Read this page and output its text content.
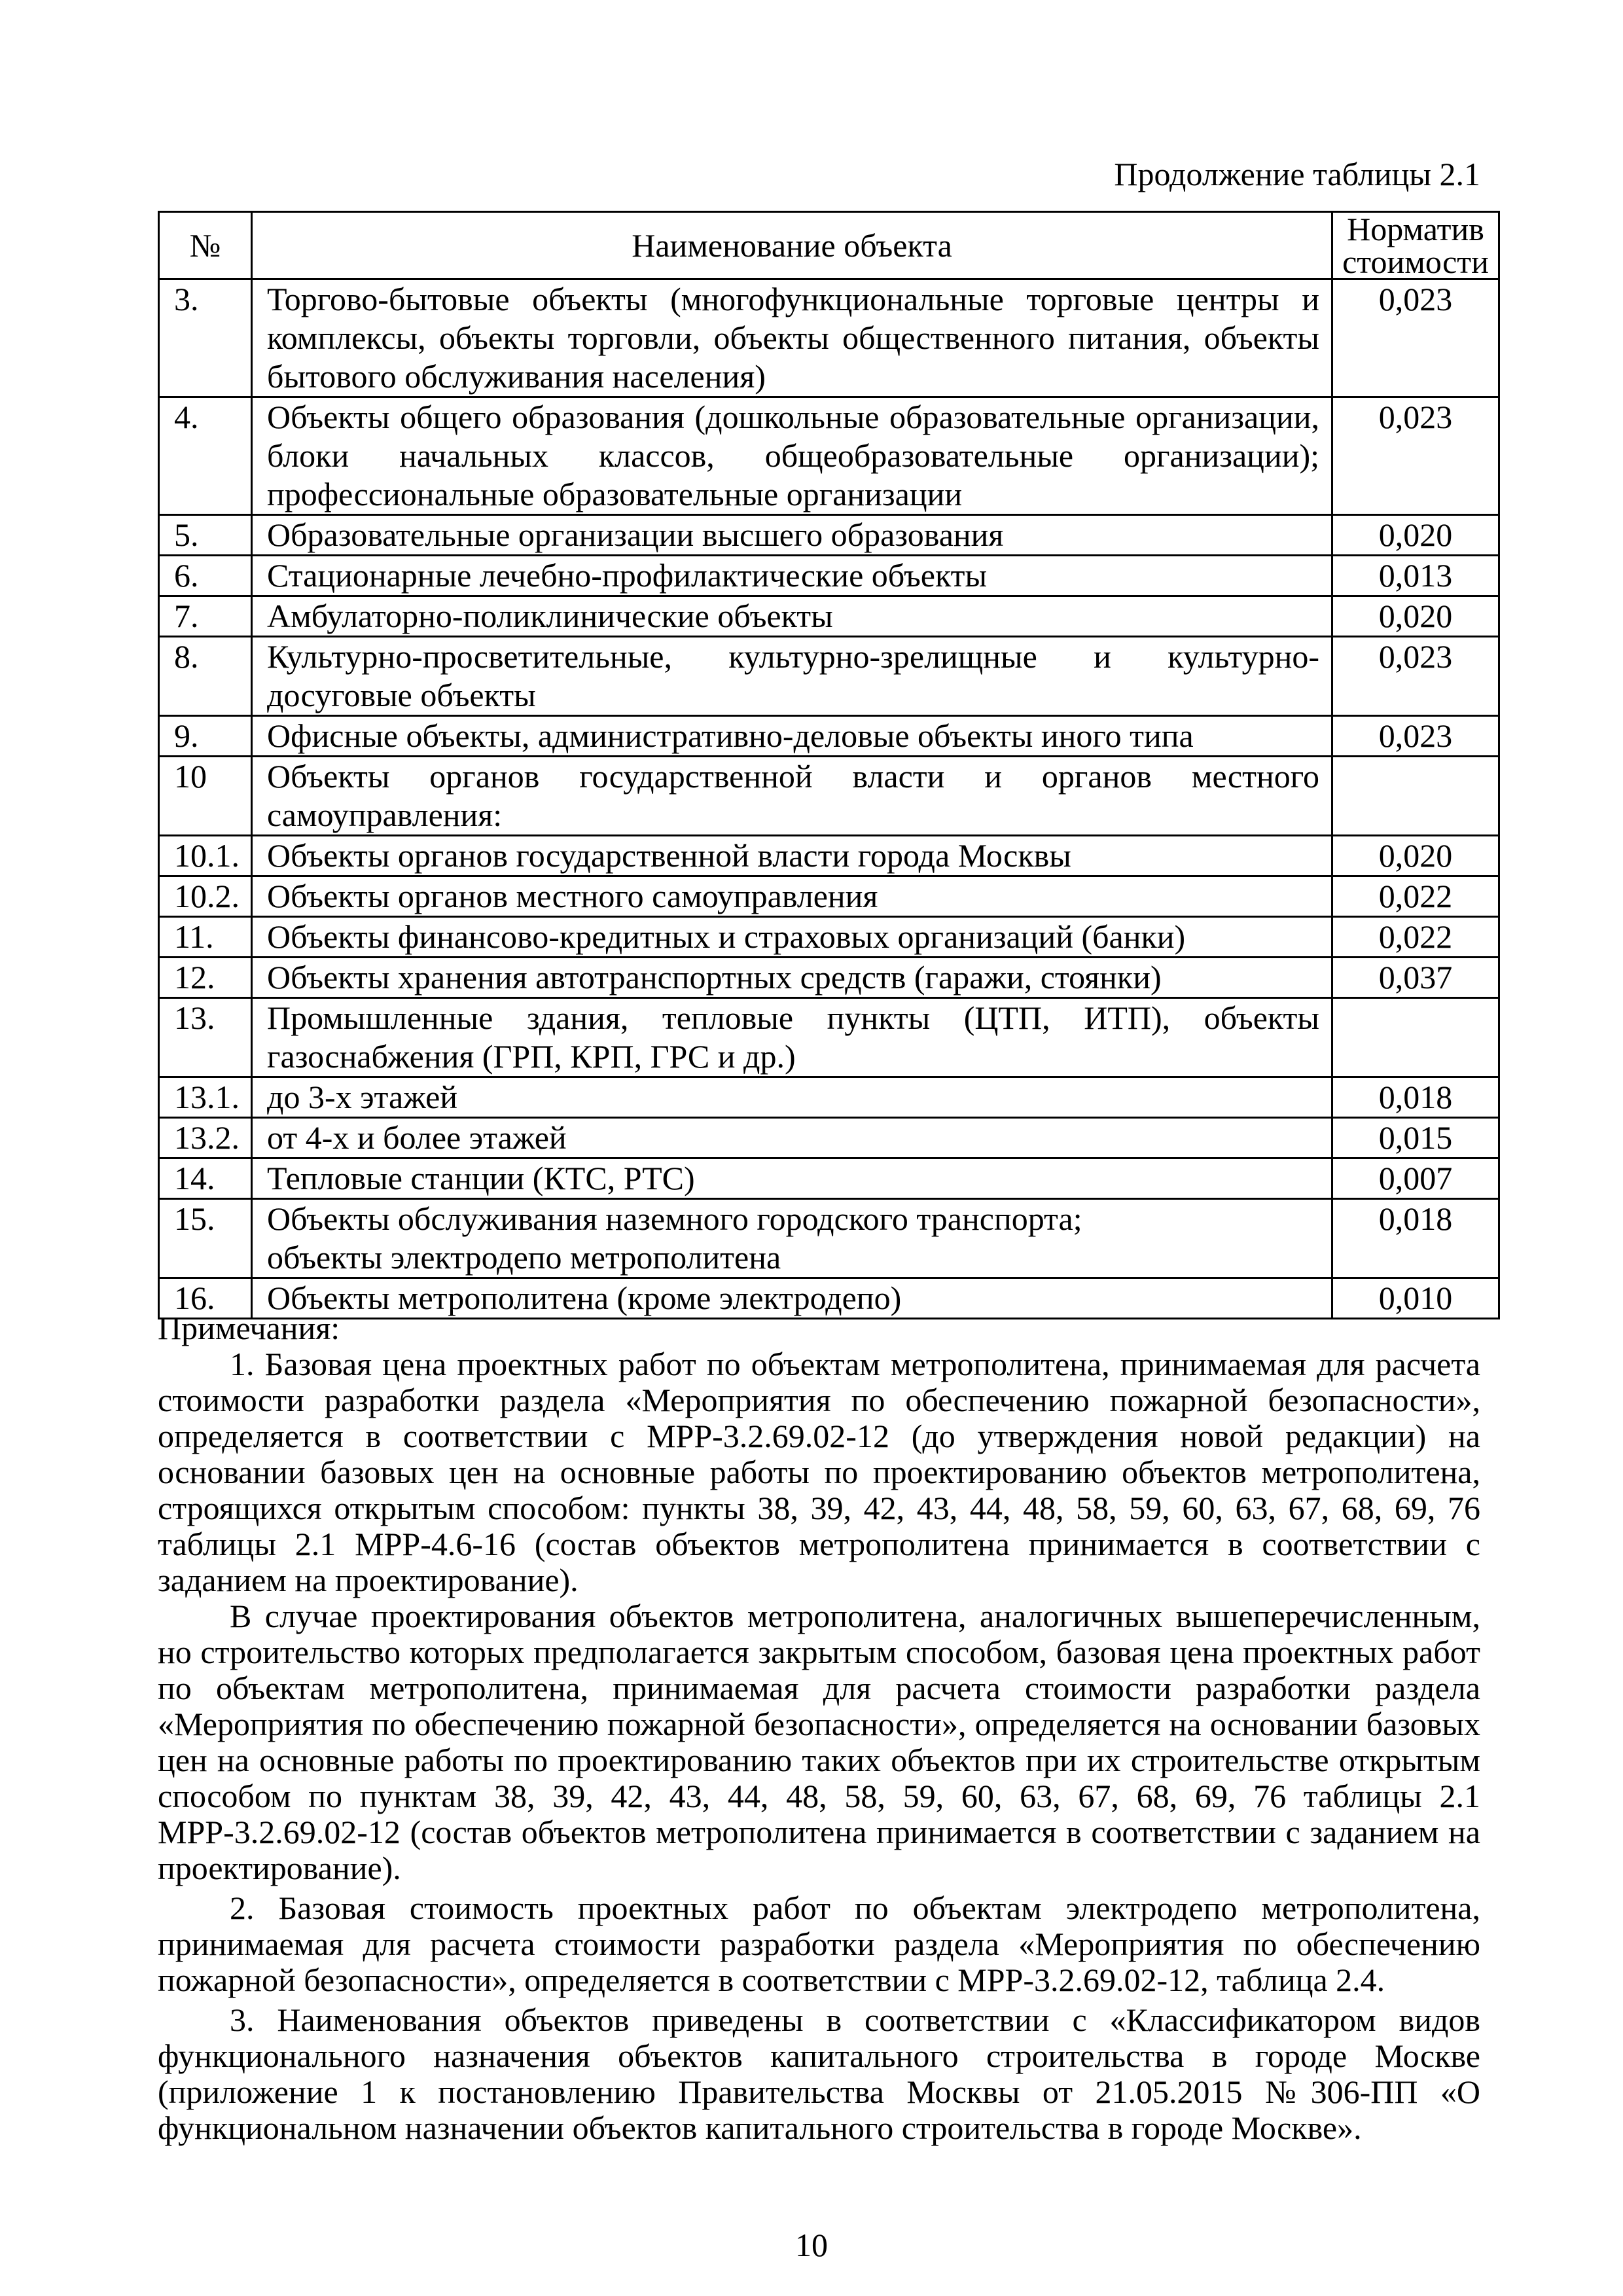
Продолжение таблицы 2.1
№	Наименование объекта	Норматив стоимости
3.	Торгово-бытовые объекты (многофункциональные торговые центры и комплексы, объекты торговли, объекты общественного питания, объекты бытового обслуживания населения)	0,023
4.	Объекты общего образования (дошкольные образовательные организации, блоки начальных классов, общеобразовательные организации); профессиональные образовательные организации	0,023
5.	Образовательные организации высшего образования	0,020
6.	Стационарные лечебно-профилактические объекты	0,013
7.	Амбулаторно-поликлинические объекты	0,020
8.	Культурно-просветительные, культурно-зрелищные и культурно-досуговые объекты	0,023
9.	Офисные объекты, административно-деловые объекты иного типа	0,023
10	Объекты органов государственной власти и органов местного самоуправления:	
10.1.	Объекты органов государственной власти города Москвы	0,020
10.2.	Объекты органов местного самоуправления	0,022
11.	Объекты финансово-кредитных и страховых организаций (банки)	0,022
12.	Объекты хранения автотранспортных средств (гаражи, стоянки)	0,037
13.	Промышленные здания, тепловые пункты (ЦТП, ИТП), объекты газоснабжения (ГРП, КРП, ГРС и др.)	
13.1.	до 3-х этажей	0,018
13.2.	от 4-х и более этажей	0,015
14.	Тепловые станции (КТС, РТС)	0,007
15.	Объекты обслуживания наземного городского транспорта;
объекты электродепо метрополитена	0,018
16.	Объекты метрополитена (кроме электродепо)	0,010

Примечания:

1. Базовая цена проектных работ по объектам метрополитена, принимаемая для расчета стоимости разработки раздела «Мероприятия по обеспечению пожарной безопасности», определяется в соответствии с МРР-3.2.69.02-12 (до утверждения новой редакции) на основании базовых цен на основные работы по проектированию объектов метрополитена, строящихся открытым способом: пункты 38, 39, 42, 43, 44, 48, 58, 59, 60, 63, 67, 68, 69, 76 таблицы 2.1 МРР-4.6-16 (состав объектов метрополитена принимается в соответствии с заданием на проектирование).

В случае проектирования объектов метрополитена, аналогичных вышеперечисленным, но строительство которых предполагается закрытым способом, базовая цена проектных работ по объектам метрополитена, принимаемая для расчета стоимости разработки раздела «Мероприятия по обеспечению пожарной безопасности», определяется на основании базовых цен на основные работы по проектированию таких объектов при их строительстве открытым способом по пунктам 38, 39, 42, 43, 44, 48, 58, 59, 60, 63, 67, 68, 69, 76 таблицы 2.1 МРР-3.2.69.02-12 (состав объектов метрополитена принимается в соответствии с заданием на проектирование).

2. Базовая стоимость проектных работ по объектам электродепо метрополитена, принимаемая для расчета стоимости разработки раздела «Мероприятия по обеспечению пожарной безопасности», определяется в соответствии с МРР-3.2.69.02-12, таблица 2.4.

3. Наименования объектов приведены в соответствии с «Классификатором видов функционального назначения объектов капитального строительства в городе Москве (приложение 1 к постановлению Правительства Москвы от 21.05.2015 №306-ПП «О функциональном назначении объектов капитального строительства в городе Москве».

10
